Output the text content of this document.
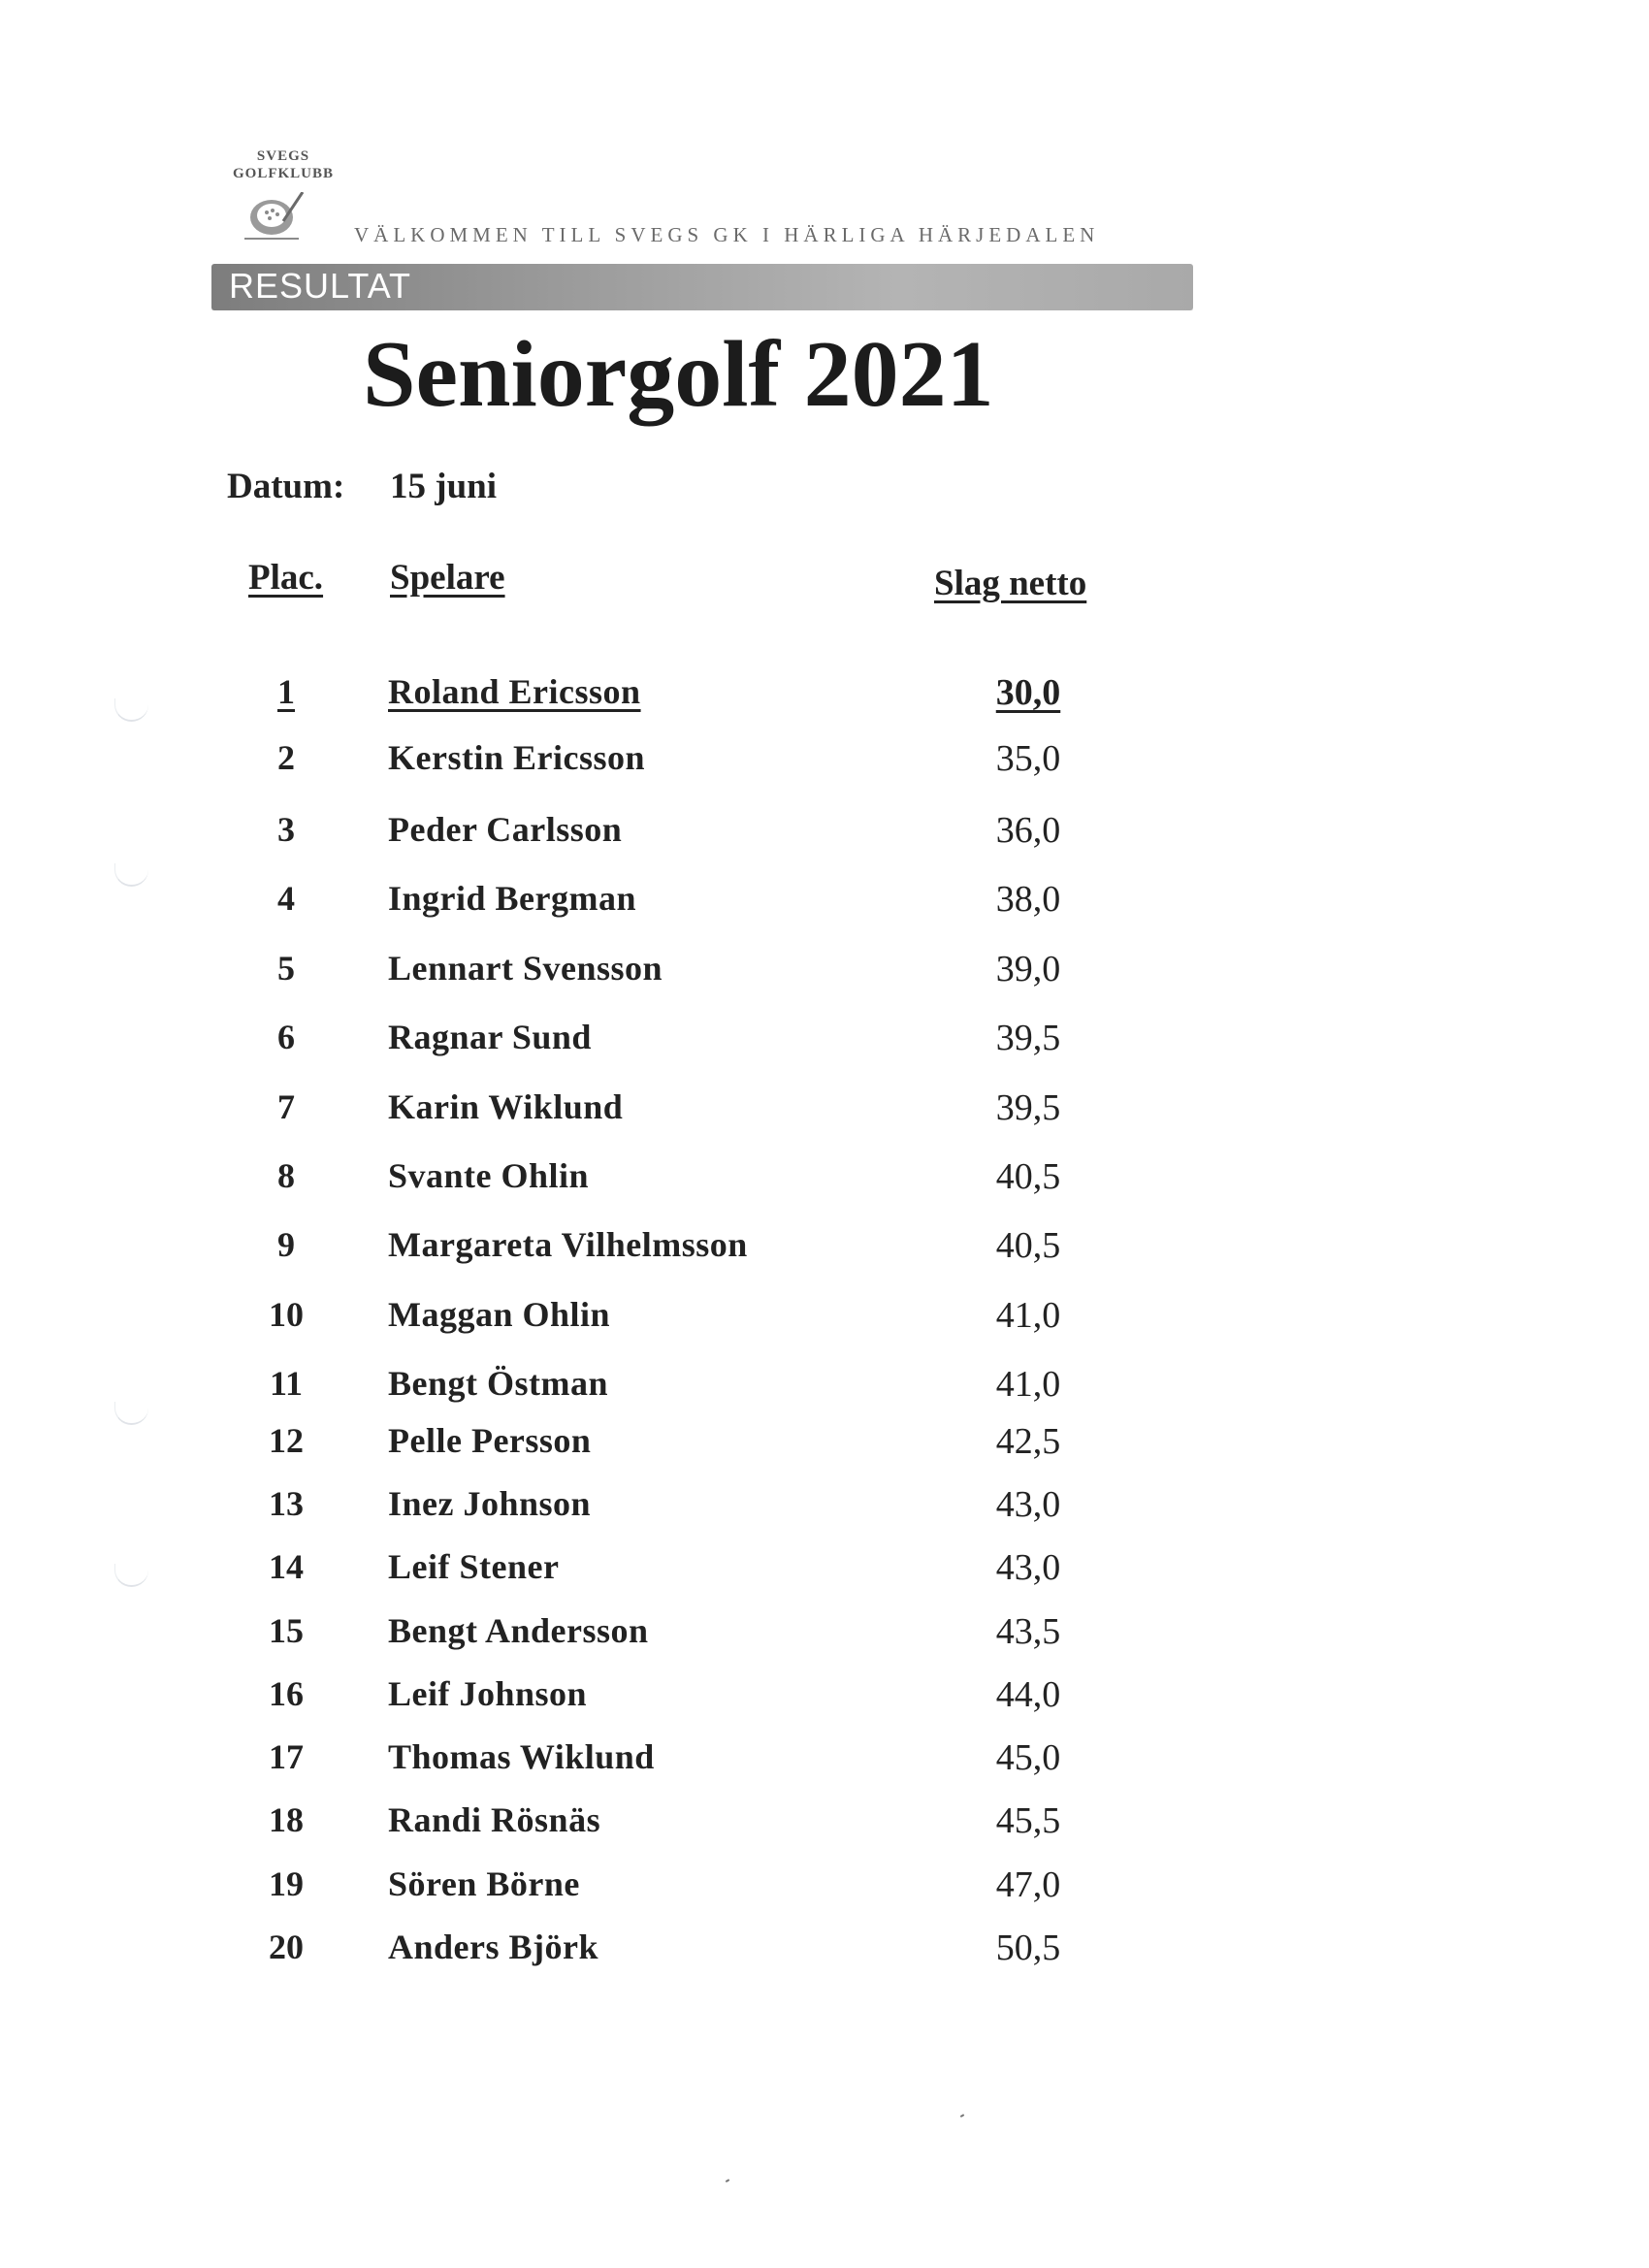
SVEGS
GOLFKLUBB
VÄLKOMMEN TILL SVEGS GK I HÄRLIGA HÄRJEDALEN
RESULTAT
Seniorgolf 2021
Datum: 15 juni
Plac. Spelare	Slag netto
1	Roland Ericsson	30,0
2	Kerstin Ericsson	35,0
3	Peder Carlsson	36,0
4	Ingrid Bergman	38,0
5	Lennart Svensson	39,0
6	Ragnar Sund	39,5
7	Karin Wiklund	39,5
8	Svante Ohlin	40,5
9	Margareta Vilhelmsson	40,5
10	Maggan Ohlin	41,0
11	Bengt Östman	41,0
12	Pelle Persson	42,5
13	Inez Johnson	43,0
14	Leif Stener	43,0
15	Bengt Andersson	43,5
16	Leif Johnson	44,0
17	Thomas Wiklund	45,0
18	Randi Rösnäs	45,5
19	Sören Börne	47,0
20	Anders Björk	50,5
